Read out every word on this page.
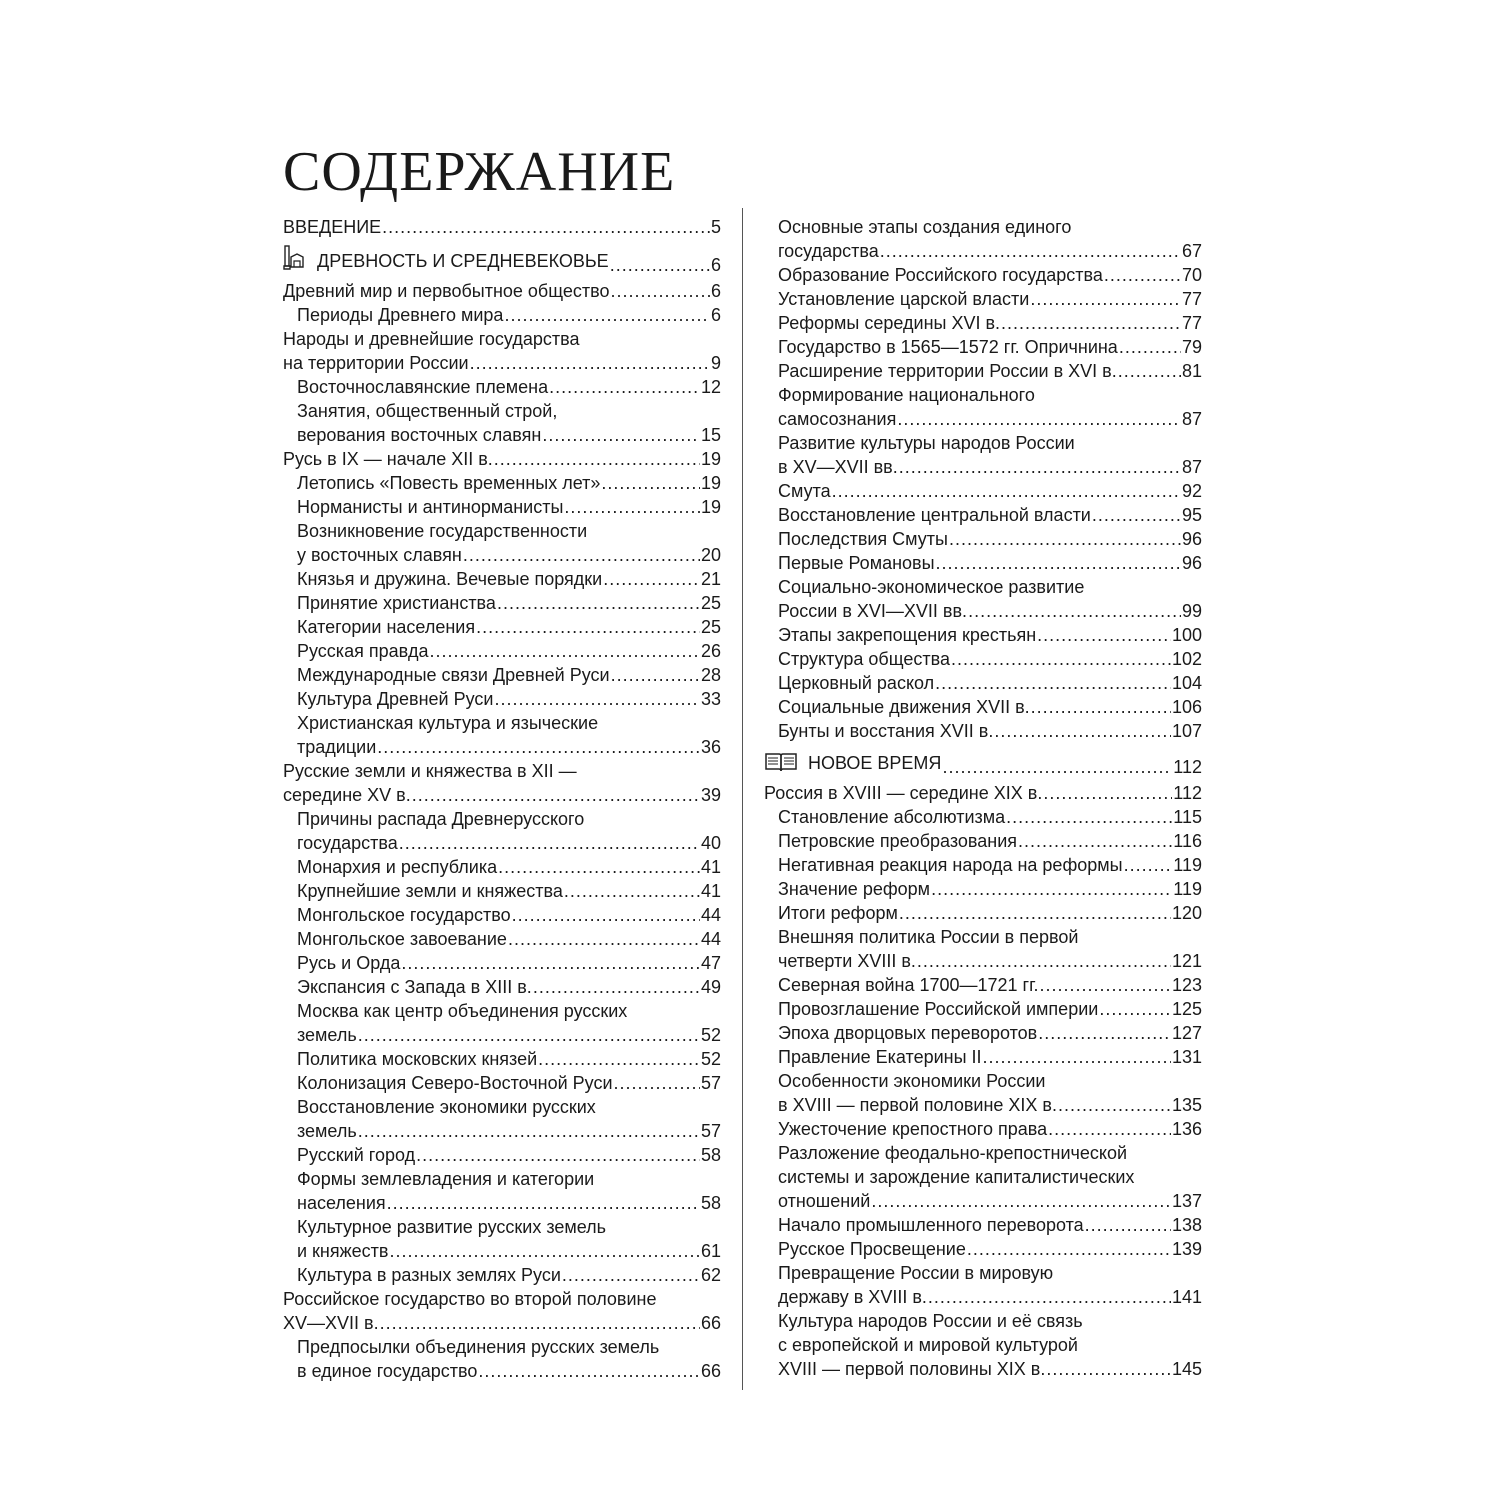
СОДЕРЖАНИЕ
ВВЕДЕНИЕ .....	5
ДРЕВНОСТЬ И СРЕДНЕВЕКОВЬЕ .....	6
Древний мир и первобытное общество .....	6
Периоды Древнего мира .....	6
Народы и древнейшие государства
на территории России .....	9
Восточнославянские племена .....	12
Занятия, общественный строй,
верования восточных славян .....	15
Русь в IX — начале XII в. .....	19
Летопись «Повесть временных лет» .....	19
Норманисты и антинорманисты .....	19
Возникновение государственности
у восточных славян .....	20
Князья и дружина. Вечевые порядки .....	21
Принятие христианства .....	25
Категории населения .....	25
Русская правда .....	26
Международные связи Древней Руси .....	28
Культура Древней Руси .....	33
Христианская культура и языческие
традиции .....	36
Русские земли и княжества в XII —
середине XV в. .....	39
Причины распада Древнерусского
государства .....	40
Монархия и республика .....	41
Крупнейшие земли и княжества .....	41
Монгольское государство .....	44
Монгольское завоевание .....	44
Русь и Орда .....	47
Экспансия с Запада в XIII в. .....	49
Москва как центр объединения русских
земель .....	52
Политика московских князей .....	52
Колонизация Северо-Восточной Руси .....	57
Восстановление экономики русских
земель .....	57
Русский город .....	58
Формы землевладения и категории
населения .....	58
Культурное развитие русских земель
и княжеств .....	61
Культура в разных землях Руси .....	62
Российское государство во второй половине
XV—XVII в. .....	66
Предпосылки объединения русских земель
в единое государство .....	66
Основные этапы создания единого
государства .....	67
Образование Российского государства .....	70
Установление царской власти .....	77
Реформы середины XVI в. .....	77
Государство в 1565—1572 гг. Опричнина .....	79
Расширение территории России в XVI в. .....	81
Формирование национального
самосознания .....	87
Развитие культуры народов России
в XV—XVII вв. .....	87
Смута .....	92
Восстановление центральной власти .....	95
Последствия Смуты .....	96
Первые Романовы .....	96
Социально-экономическое развитие
России в XVI—XVII вв. .....	99
Этапы закрепощения крестьян .....	100
Структура общества .....	102
Церковный раскол .....	104
Социальные движения XVII в. .....	106
Бунты и восстания XVII в. .....	107
НОВОЕ ВРЕМЯ .....	112
Россия в XVIII — середине XIX в. .....	112
Становление абсолютизма .....	115
Петровские преобразования .....	116
Негативная реакция народа на реформы .....	119
Значение реформ .....	119
Итоги реформ .....	120
Внешняя политика России в первой
четверти XVIII в. .....	121
Северная война 1700—1721 гг. .....	123
Провозглашение Российской империи .....	125
Эпоха дворцовых переворотов .....	127
Правление Екатерины II .....	131
Особенности экономики России
в XVIII — первой половине XIX в. .....	135
Ужесточение крепостного права .....	136
Разложение феодально-крепостнической
системы и зарождение капиталистических
отношений .....	137
Начало промышленного переворота .....	138
Русское Просвещение .....	139
Превращение России в мировую
державу в XVIII в. .....	141
Культура народов России и её связь
с европейской и мировой культурой
XVIII — первой половины XIX в. .....	145
